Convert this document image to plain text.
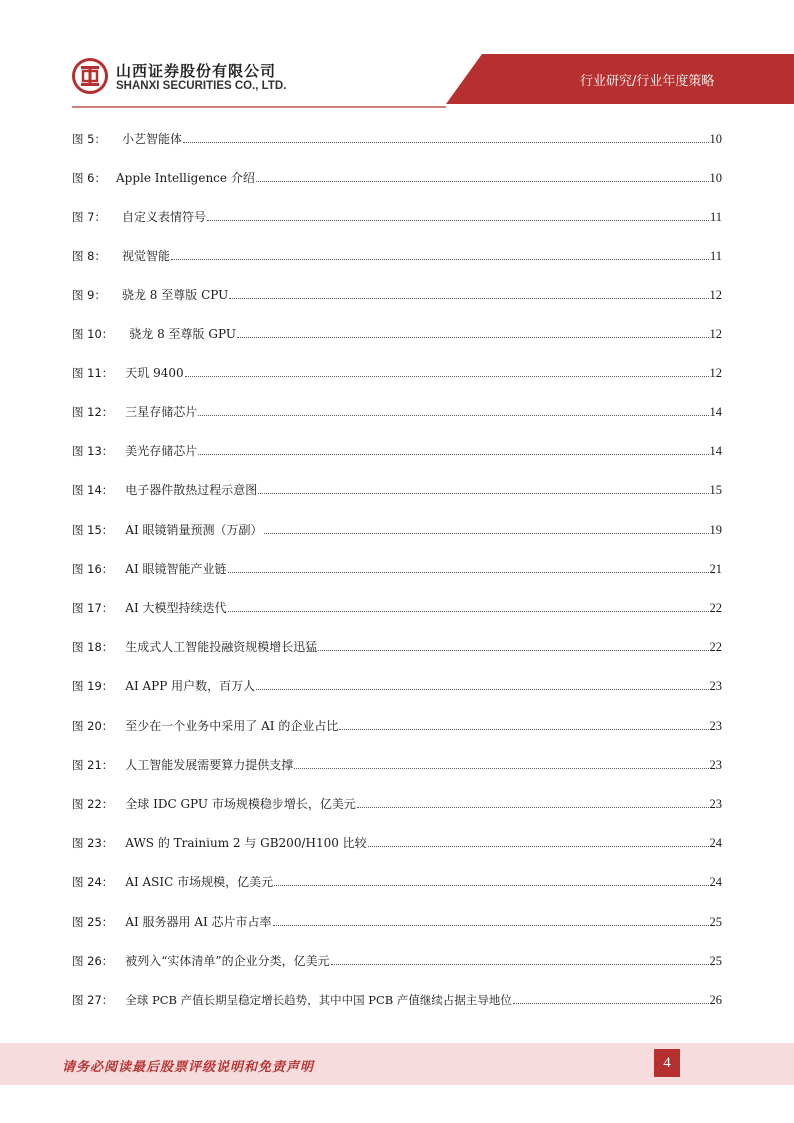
山西证券股份有限公司
SHANXI SECURITIES CO., LTD.	行业研究/行业年度策略
图 5： 小艺智能体	10
图 6： Apple Intelligence 介绍	10
图 7： 自定义表情符号	11
图 8： 视觉智能	11
图 9： 骁龙 8 至尊版 CPU	12
图 10： 骁龙 8 至尊版 GPU	12
图 11： 天玑 9400	12
图 12： 三星存储芯片	14
图 13： 美光存储芯片	14
图 14： 电子器件散热过程示意图	15
图 15： AI 眼镜销量预测（万副）	19
图 16： AI 眼镜智能产业链	21
图 17： AI 大模型持续迭代	22
图 18： 生成式人工智能投融资规模增长迅猛	22
图 19： AI APP 用户数，百万人	23
图 20： 至少在一个业务中采用了 AI 的企业占比	23
图 21： 人工智能发展需要算力提供支撑	23
图 22： 全球 IDC GPU 市场规模稳步增长，亿美元	23
图 23： AWS 的 Trainium 2 与 GB200/H100 比较	24
图 24： AI ASIC 市场规模，亿美元	24
图 25： AI 服务器用 AI 芯片市占率	25
图 26： 被列入“实体清单”的企业分类，亿美元	25
图 27： 全球 PCB 产值长期呈稳定增长趋势，其中中国 PCB 产值继续占据主导地位	26
请务必阅读最后股票评级说明和免责声明	4
